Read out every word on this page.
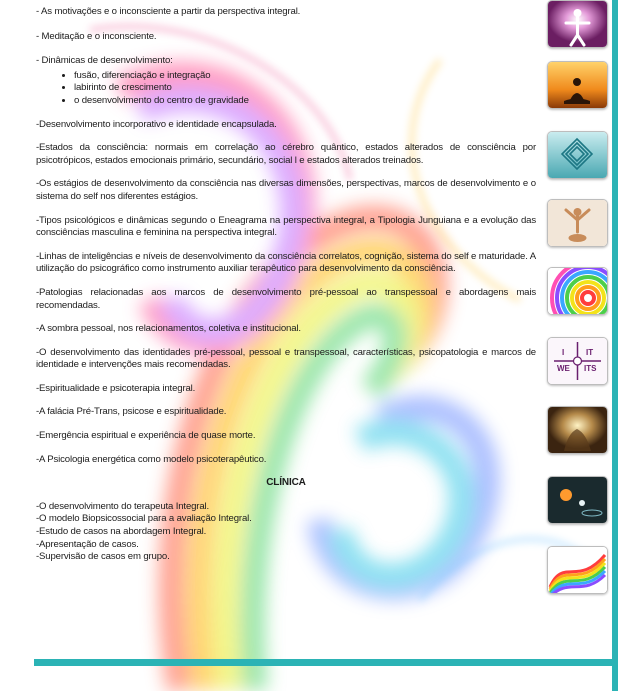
- As motivações e o inconsciente a partir da perspectiva integral.

- Meditação e o inconsciente.

- Dinâmicas de desenvolvimento:

• fusão, diferenciação e integração
• labirinto de crescimento
• o desenvolvimento do centro de gravidade

-Desenvolvimento incorporativo e identidade encapsulada.

-Estados da consciência: normais em correlação ao cérebro quântico, estados alterados de consciência por psicotrópicos, estados emocionais primário, secundário, social l e estados alterados treinados.

-Os estágios de desenvolvimento da consciência nas diversas dimensões, perspectivas, marcos de desenvolvimento e o sistema do self nos diferentes estágios.

-Tipos psicológicos e dinâmicas segundo o Eneagrama na perspectiva integral, a Tipologia Junguiana e a evolução das consciências masculina e feminina na perspectiva integral.

-Linhas de inteligências e níveis de desenvolvimento da consciência correlatos, cognição, sistema do self e maturidade. A utilização do psicográfico como instrumento auxiliar terapêutico para desenvolvimento da consciência.

-Patologias relacionadas aos marcos de desenvolvimento pré-pessoal ao transpessoal e abordagens mais recomendadas.

-A sombra pessoal, nos relacionamentos, coletiva e institucional.

-O desenvolvimento das identidades pré-pessoal, pessoal e transpessoal, características, psicopatologia e marcos de identidade e intervenções mais recomendadas.

-Espiritualidade e psicoterapia integral.

-A falácia Pré-Trans, psicose e espiritualidade.

-Emergência espiritual e experiência de quase morte.

-A Psicologia energética como modelo psicoterapêutico.

CLÍNICA

-O desenvolvimento do terapeuta Integral.

-O modelo Biopsicossocial para a avaliação Integral.

-Estudo de casos na abordagem Integral.

-Apresentação de casos.

-Supervisão de casos em grupo.

I	IT
WE ITS
